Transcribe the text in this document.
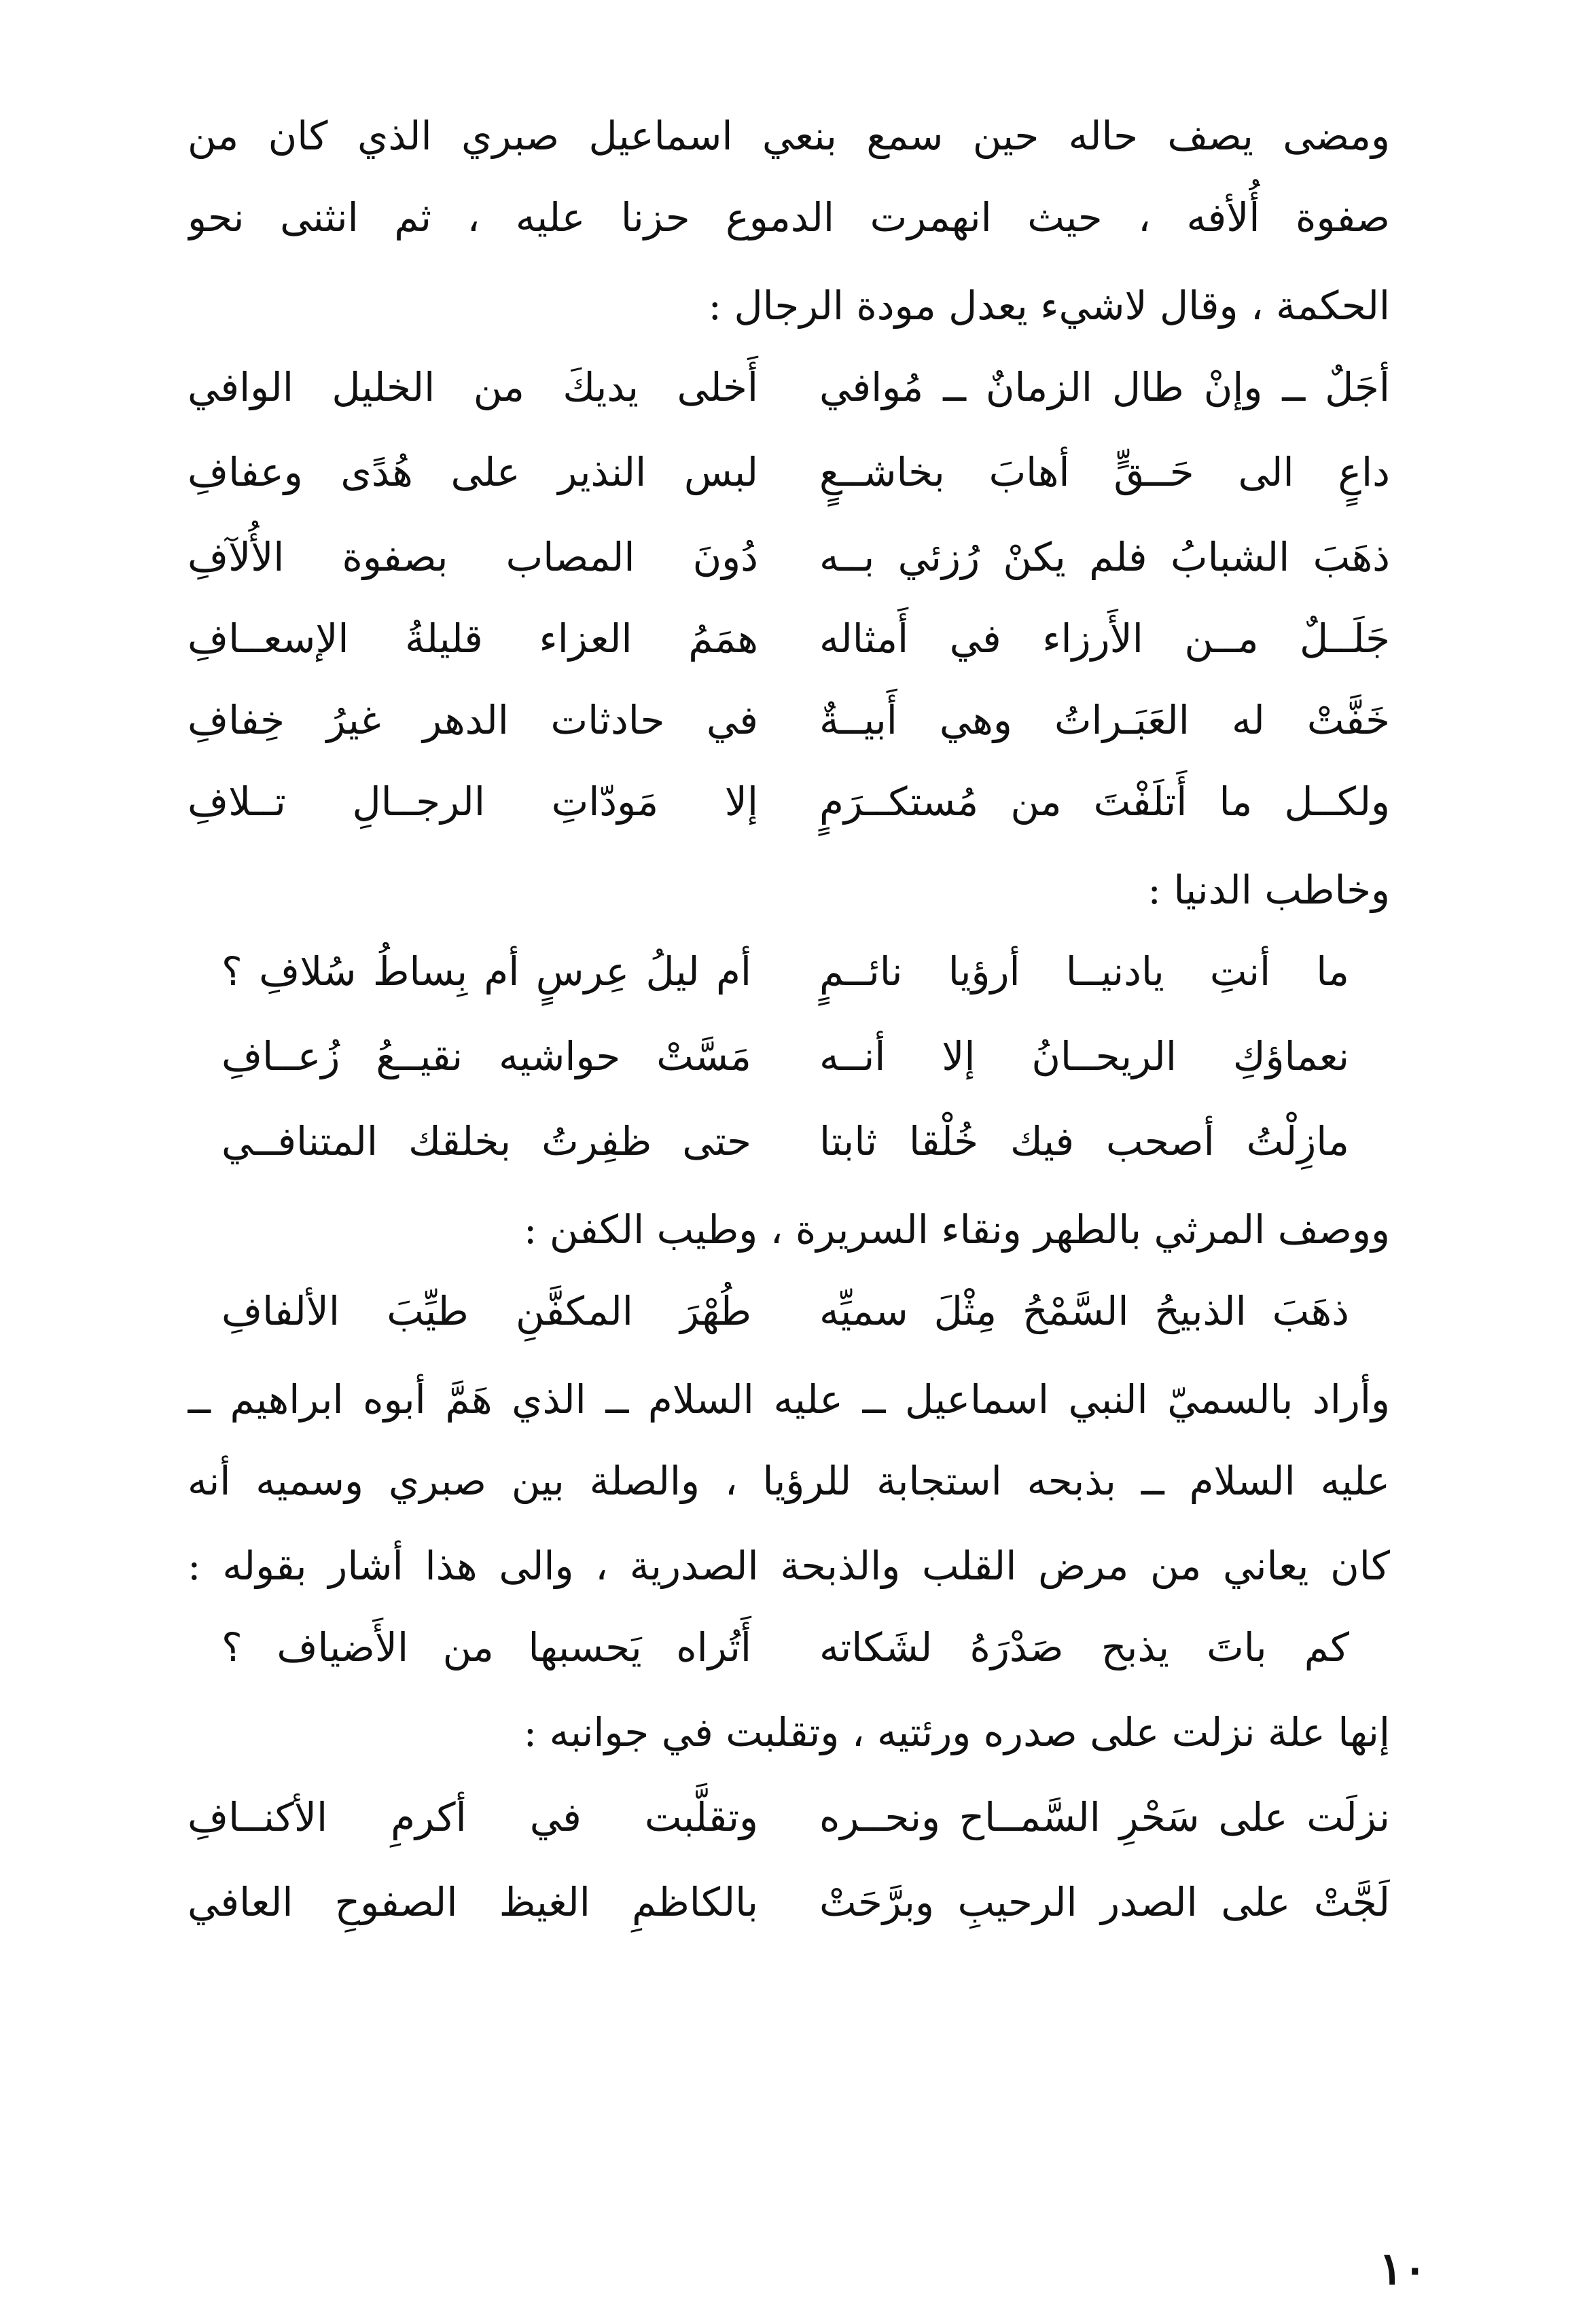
ومضى يصف حاله حين سمع بنعي اسماعيل صبري الذي كان من
صفوة أُلأفه ، حيث انهمرت الدموع حزنا عليه ، ثم انثنى نحو
الحكمة ، وقال لاشيء يعدل مودة الرجال :
أجَلٌ ــ وإنْ طال الزمانٌ ــ مُوافي
أَخلى يديكَ من الخليل الوافي
داعٍ الى حَــقٍّ أهابَ بخاشــعٍ
لبس النذير على هُدًى وعفافِ
ذهَبَ الشبابُ فلم يكنْ رُزئي بــه
دُونَ المصاب بصفوة الأُلآفِ
جَلَــلٌ مــن الأَرزاء في أَمثاله
همَمُ العزاء قليلةُ الإسعــافِ
خَفَّتْ له العَبَـراتُ وهي أَبيــةٌ
في حادثات الدهر غيرُ خِفافِ
ولكــل ما أَتلَفْتَ من مُستكــرَمٍ
إلا مَودّاتِ الرجــالِ تــلافِ
وخاطب الدنيا :
ما أنتِ يادنيــا أرؤيا نائــمٍ
أم ليلُ عِرسٍ أم بِساطُ سُلافِ ؟
نعماؤكِ الريحــانُ إلا أنــه
مَسَّتْ حواشيه نقيــعُ زُعــافِ
مازِلْتُ أصحب فيك خُلْقا ثابتا
حتى ظفِرتُ بخلقك المتنافــي
ووصف المرثي بالطهر ونقاء السريرة ، وطيب الكفن :
ذهَبَ الذبيحُ السَّمْحُ مِثْلَ سميِّه
طُهْرَ المكفَّنِ طيِّبَ الألفافِ
وأراد بالسميّ النبي اسماعيل ــ عليه السلام ــ الذي هَمَّ أبوه ابراهيم ــ
عليه السلام ــ بذبحه استجابة للرؤيا ، والصلة بين صبري وسميه أنه
كان يعاني من مرض القلب والذبحة الصدرية ، والى هذا أشار بقوله :
كم باتَ يذبح صَدْرَهُ لشَكاته
أَتُراه يَحسبها من الأَضياف ؟
إنها علة نزلت على صدره ورئتيه ، وتقلبت في جوانبه :
نزلَت على سَحْرِ السَّمــاح ونحــره
وتقلَّبت في أكرمِ الأكنــافِ
لَجَّتْ على الصدر الرحيبِ وبرَّحَتْ
بالكاظمِ الغيظ الصفوحِ العافي
١٠
